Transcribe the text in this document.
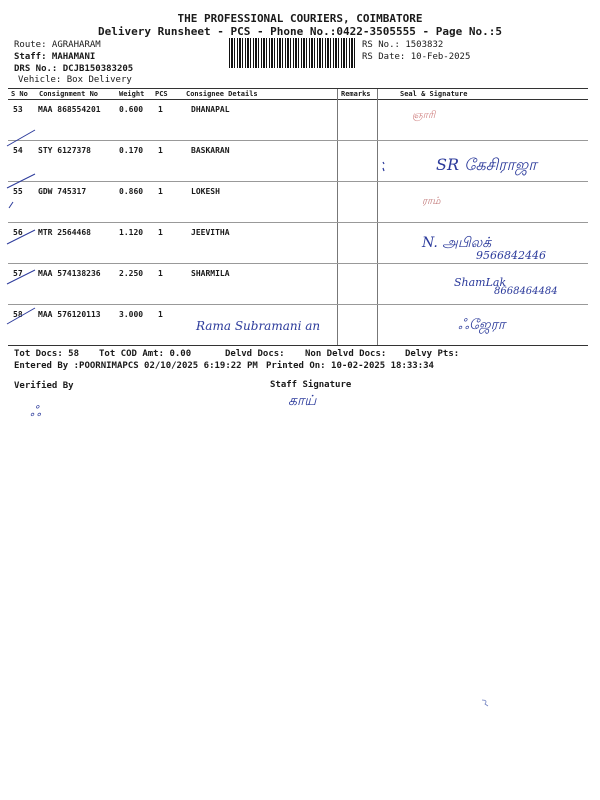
THE PROFESSIONAL COURIERS, COIMBATORE
Delivery Runsheet - PCS - Phone No.:0422-3505555 - Page No.:5
Route: AGRAHARAM
Staff: MAHAMANI
DRS No.: DCJB150383205
Vehicle: Box Delivery
RS No.: 1503832
RS Date: 10-Feb-2025
S No Consignment No	Weight PCS	Consignee Details	Remarks	Seal & Signature
53 MAA 868554201 0.600 1	DHANAPAL
ஞாரி
54 STY 6127378	0.170 1	BASKARAN
SR கேசிராஜா
55 GDW 745317	0.860 1	LOKESH
ராம்
56 MTR 2564468	1.120 1	JEEVITHA
N. அபிலக்
9566842446
57 MAA 574138236 2.250 1	SHARMILA
ShamLak
8668464484
58 MAA 576120113 3.000 1
Rama Subramani an	ஃஜேரா
Tot Docs: 58 Tot COD Amt: 0.00	Delvd Docs: Non Delvd Docs: Delvy Pts:
Entered By :POORNIMAPCS 02/10/2025 6:19:22 PM Printed On: 10-02-2025 18:33:34
Verified By	Staff Signature
காய்
ஃ
